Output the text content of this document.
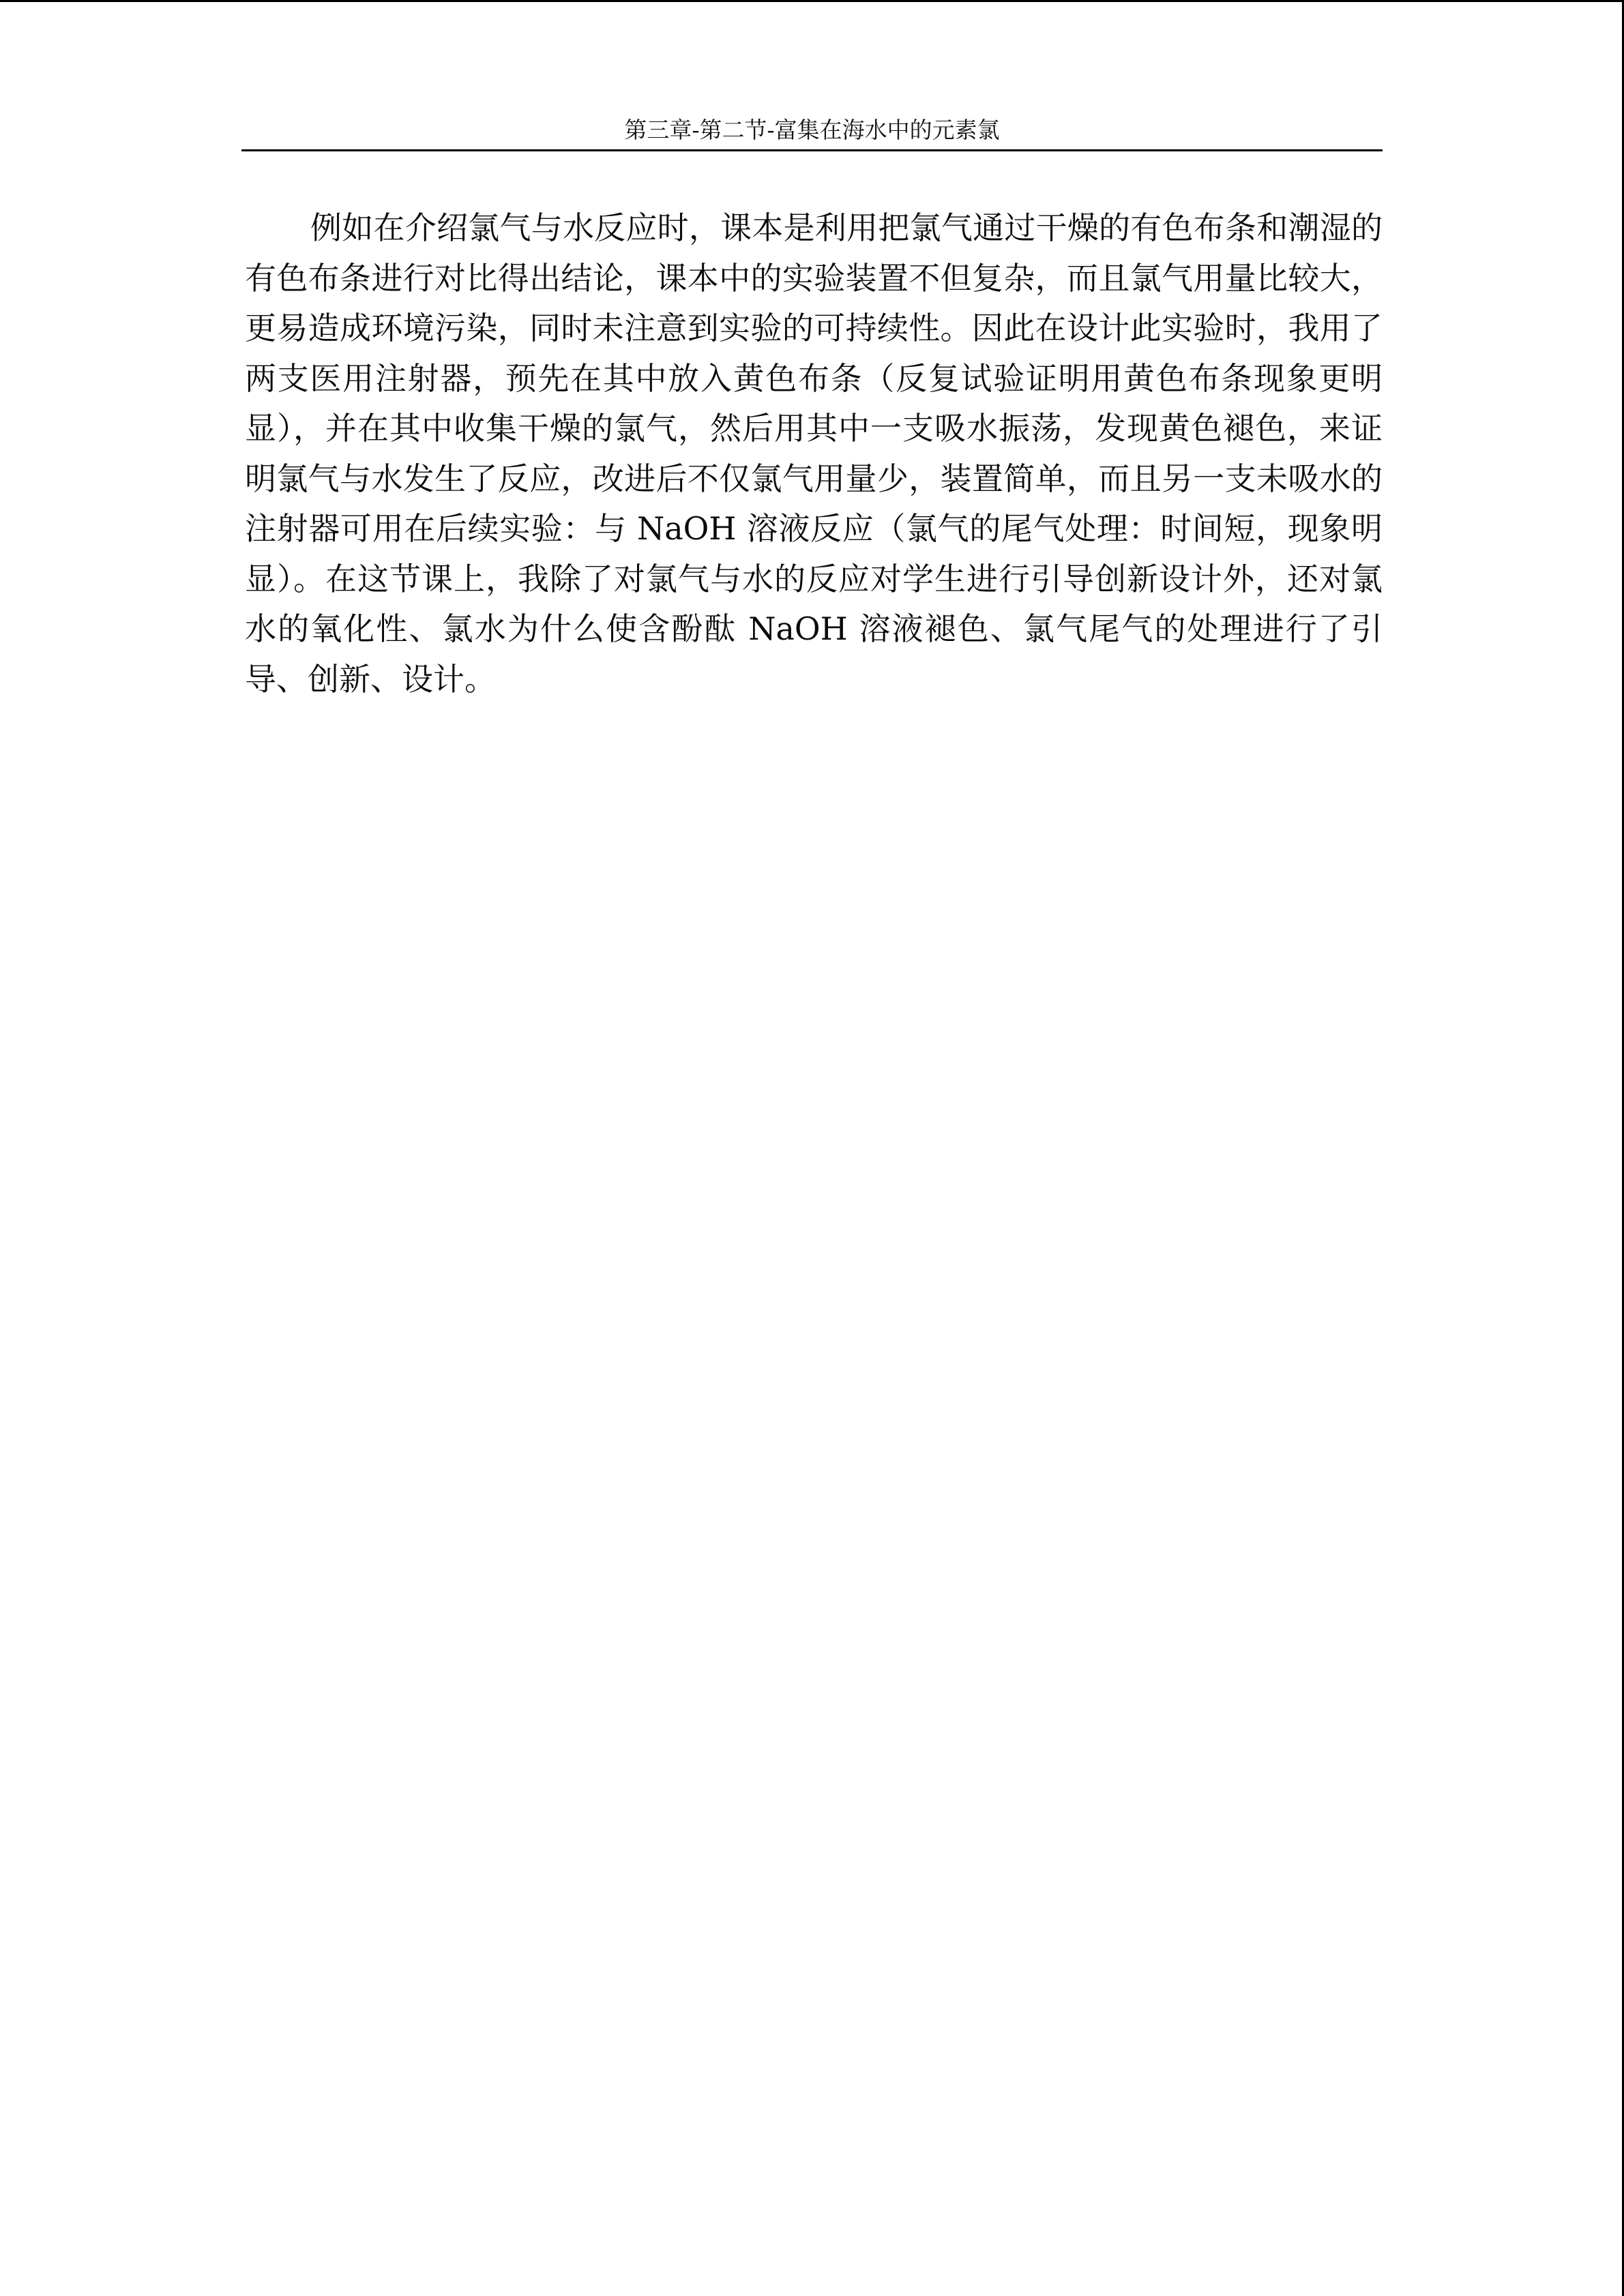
第三章-第二节-富集在海水中的元素氯

例如在介绍氯气与水反应时，课本是利用把氯气通过干燥的有色布条和潮湿的有色布条进行对比得出结论，课本中的实验装置不但复杂，而且氯气用量比较大，更易造成环境污染，同时未注意到实验的可持续性。因此在设计此实验时，我用了两支医用注射器，预先在其中放入黄色布条（反复试验证明用黄色布条现象更明显），并在其中收集干燥的氯气，然后用其中一支吸水振荡，发现黄色褪色，来证明氯气与水发生了反应，改进后不仅氯气用量少，装置简单，而且另一支未吸水的注射器可用在后续实验：与 NaOH 溶液反应（氯气的尾气处理：时间短，现象明显）。在这节课上，我除了对氯气与水的反应对学生进行引导创新设计外，还对氯水的氧化性、氯水为什么使含酚酞 NaOH 溶液褪色、氯气尾气的处理进行了引导、创新、设计。
